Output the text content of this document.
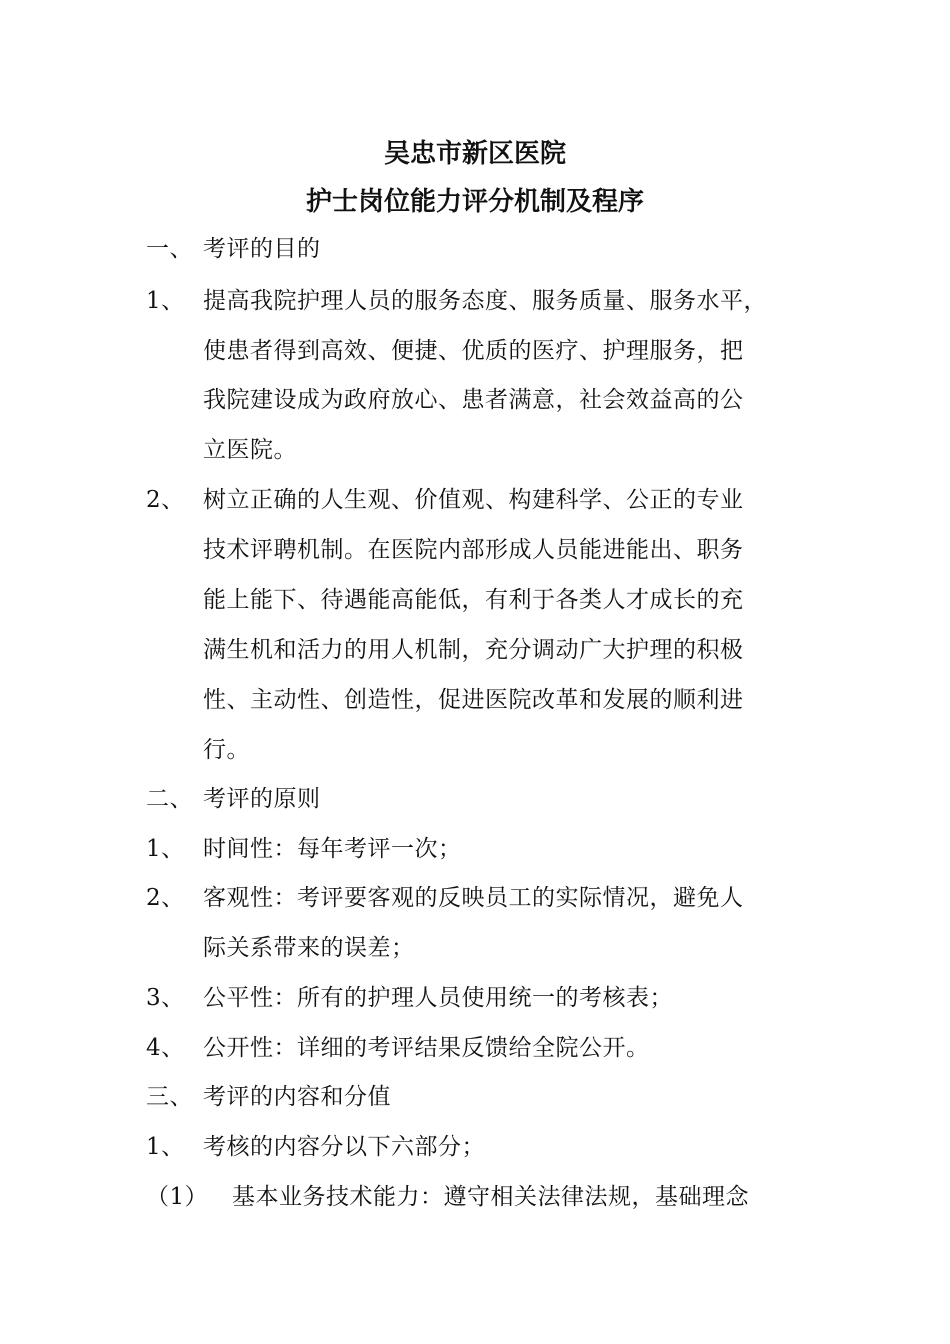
吴忠市新区医院
护士岗位能力评分机制及程序
一、 考评的目的
1、 提高我院护理人员的服务态度、服务质量、服务水平，
使患者得到高效、便捷、优质的医疗、护理服务，把
我院建设成为政府放心、患者满意，社会效益高的公
立医院。
2、 树立正确的人生观、价值观、构建科学、公正的专业
技术评聘机制。在医院内部形成人员能进能出、职务
能上能下、待遇能高能低，有利于各类人才成长的充
满生机和活力的用人机制，充分调动广大护理的积极
性、主动性、创造性，促进医院改革和发展的顺利进
行。
二、 考评的原则
1、 时间性：每年考评一次；
2、 客观性：考评要客观的反映员工的实际情况，避免人
际关系带来的误差；
3、 公平性：所有的护理人员使用统一的考核表；
4、 公开性：详细的考评结果反馈给全院公开。
三、 考评的内容和分值
1、 考核的内容分以下六部分；
（1） 基本业务技术能力：遵守相关法律法规，基础理念
